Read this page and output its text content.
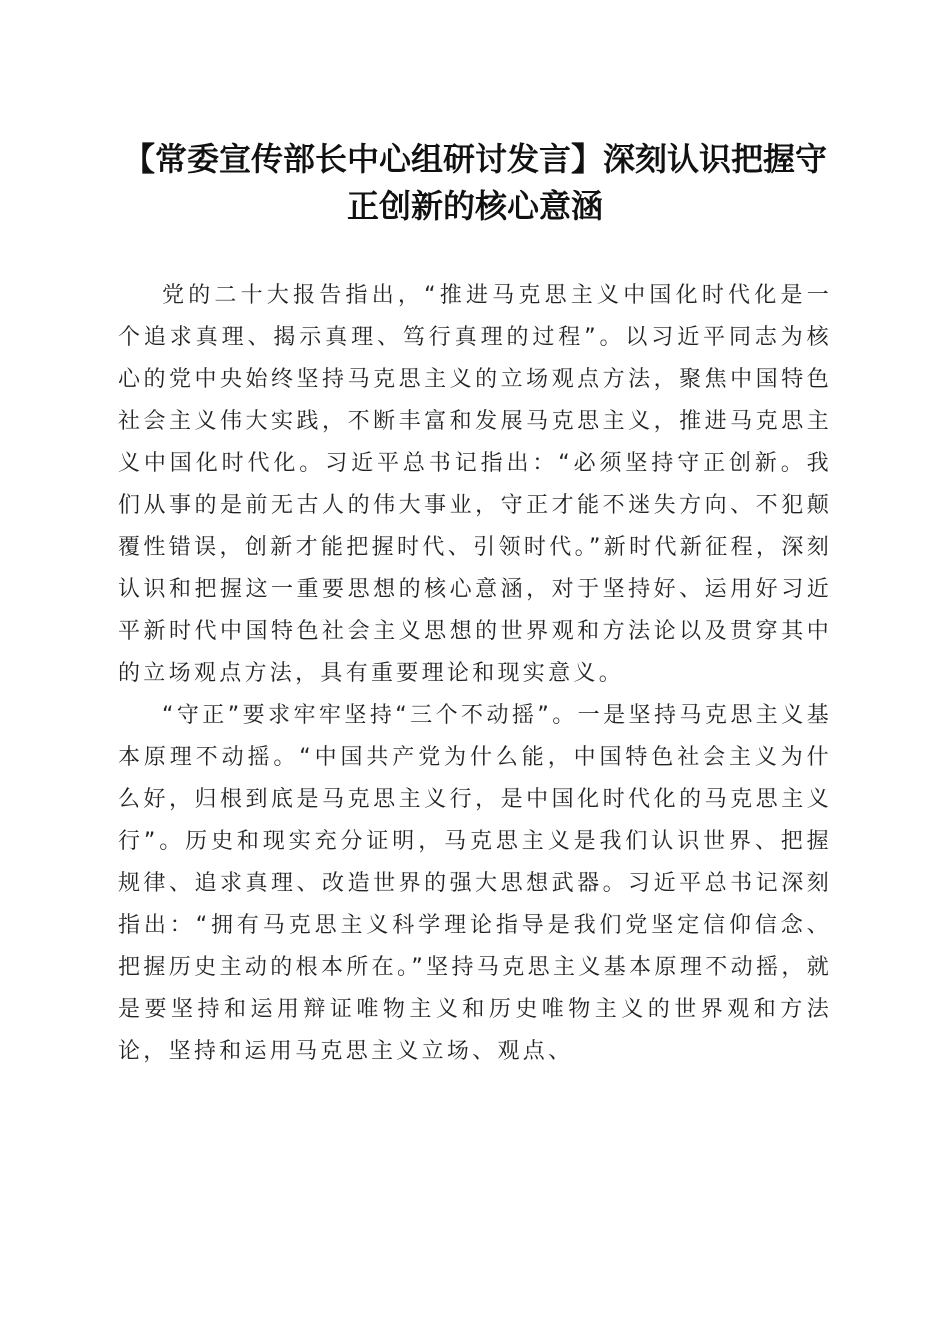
【常委宣传部长中心组研讨发言】深刻认识把握守正创新的核心意涵

党的二十大报告指出，“推进马克思主义中国化时代化是一个追求真理、揭示真理、笃行真理的过程”。以习近平同志为核心的党中央始终坚持马克思主义的立场观点方法，聚焦中国特色社会主义伟大实践，不断丰富和发展马克思主义，推进马克思主义中国化时代化。习近平总书记指出：“必须坚持守正创新。我们从事的是前无古人的伟大事业，守正才能不迷失方向、不犯颠覆性错误，创新才能把握时代、引领时代。”新时代新征程，深刻认识和把握这一重要思想的核心意涵，对于坚持好、运用好习近平新时代中国特色社会主义思想的世界观和方法论以及贯穿其中的立场观点方法，具有重要理论和现实意义。

“守正”要求牢牢坚持“三个不动摇”。一是坚持马克思主义基本原理不动摇。“中国共产党为什么能，中国特色社会主义为什么好，归根到底是马克思主义行，是中国化时代化的马克思主义行”。历史和现实充分证明，马克思主义是我们认识世界、把握规律、追求真理、改造世界的强大思想武器。习近平总书记深刻指出：“拥有马克思主义科学理论指导是我们党坚定信仰信念、把握历史主动的根本所在。”坚持马克思主义基本原理不动摇，就是要坚持和运用辩证唯物主义和历史唯物主义的世界观和方法论，坚持和运用马克思主义立场、观点、
